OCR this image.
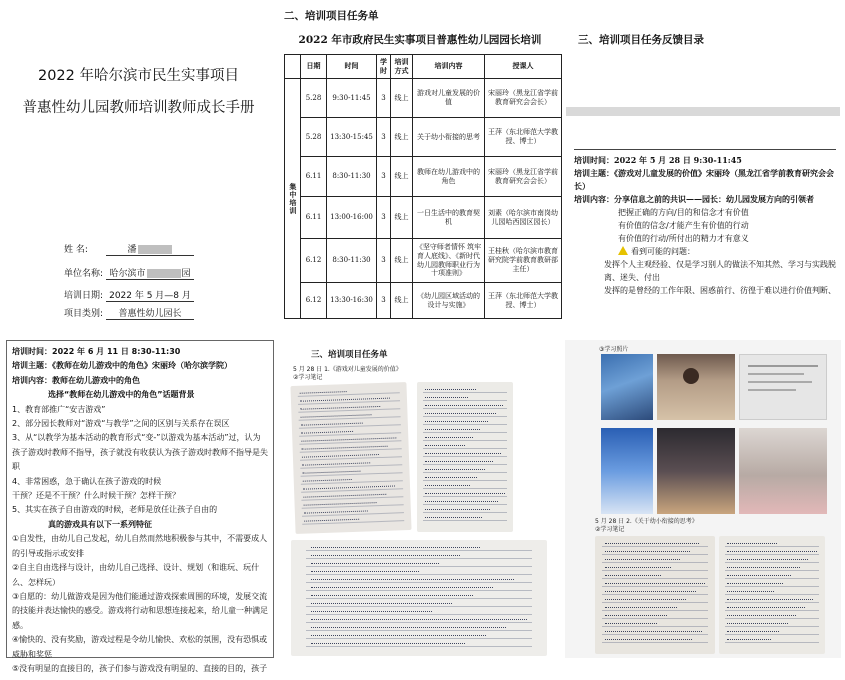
2022 年哈尔滨市民生实事项目
普惠性幼儿园教师培训教师成长手册
姓 名:	潘
单位名称: 哈尔滨市	园
培训日期: 2022 年 5 月—8 月
项目类别: 普惠性幼儿园长
二、培训项目任务单
2022 年市政府民生实事项目普惠性幼儿园园长培训
	日期	时间	学时	培训方式	培训内容	授课人
集中培训	5.28	9:30-11:45	3	线上	游戏对儿童发展的价值	宋丽玲（黑龙江省学前教育研究会会长）
	5.28	13:30-15:45	3	线上	关于幼小衔接的思考	王萍（东北师范大学教授、博士）
	6.11	8:30-11:30	3	线上	教师在幼儿游戏中的角色	宋丽玲（黑龙江省学前教育研究会会长）
	6.11	13:00-16:00	3	线上	一日生活中的教育契机	刘素（哈尔滨市南岗幼儿园哈西园区园长）
	6.12	8:30-11:30	3	线上	《坚守师者情怀 筑牢育人底线》、《新时代幼儿园教师职业行为十项准则》	王桂秋（哈尔滨市教育研究院学前教育教研部主任）
	6.12	13:30-16:30	3	线上	《幼儿园区域活动的设计与实施》	王萍（东北师范大学教授、博士）
三、培训项目任务反馈目录
培训时间：2022 年 5 月 28 日 9:30-11:45
培训主题：《游戏对儿童发展的价值》宋丽玲（黑龙江省学前教育研究会会长）
培训内容：分享信息之前的共识——园长：幼儿园发展方向的引领者
把握正确的方向/目的和信念才有价值
有价值的信念/才能产生有价值的行动
有价值的行动/所付出的精力才有意义
看到可能的问题：
发挥个人主观经验、仅是学习别人的做法不知其然、学习与实践脱离、迷失、付出
发挥的是曾经的工作年限、困惑前行、彷徨于难以进行价值判断、
培训时间：2022 年 6 月 11 日 8:30-11:30
培训主题：《教师在幼儿游戏中的角色》宋丽玲（哈尔滨学院）
培训内容：教师在幼儿游戏中的角色
选择“教师在幼儿游戏中的角色”话题背景
1、教育部推广“安吉游戏”
2、部分园长教师对“游戏“与教学”之间的区别与关系存在误区
3、从“以教学为基本活动的教育形式“变-”以游戏为基本活动”过，认为孩子游戏时教师不指导，孩子就没有收获认为孩子游戏时教师不指导是失职
4、非常困惑，急于确认在孩子游戏的时候
干预？还是不干预？什么时候干预？怎样干预？
5、其实在孩子自由游戏的时候，老师是放任让孩子自由的
真的游戏具有以下一系列特征
①自发性，由幼儿自己发起，幼儿自然而然地积极参与其中，不需要成人的引导或指示或安排
②自主自由选择与设计，由幼儿自己选择、设计、规划（和谁玩、玩什么、怎样玩）
③自愿的：幼儿做游戏是因为他们能通过游戏探索周围的环境，发展交流的技能并表达愉快的感受。游戏将行动和思想连接起来，给儿童一种满足感。
④愉快的、没有奖励，游戏过程是令幼儿愉快、欢松的氛围，没有恐惧或威胁和奖惩
⑤没有明显的直接目的，孩子们参与游戏没有明显的、直接的目的，孩子
三、培训项目任务单
5 月 28 日 1.《游戏对儿童发展的价值》
②学习笔记
③学习照片
5 月 28 日 2.《关于幼小衔接的思考》
②学习笔记
